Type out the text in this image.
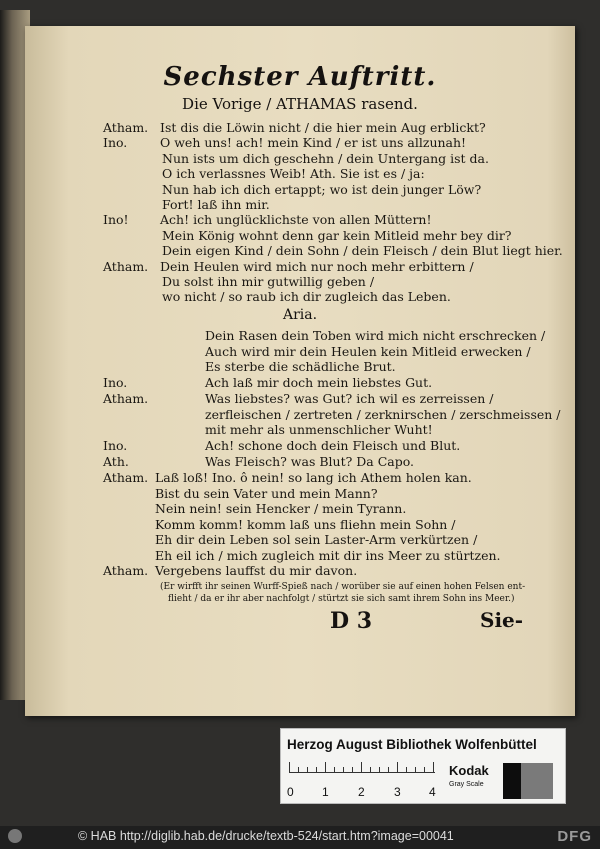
Sechster Auftritt.
Die Vorige / ATHAMAS rasend.
Atham. Ist dis die Löwin nicht / die hier mein Aug erblickt?
Ino.	O weh uns! ach! mein Kind / er ist uns allzunah!
Nun ists um dich geschehn / dein Untergang ist da.
O ich verlassnes Weib! Ath. Sie ist es / ja:
Nun hab ich dich ertappt; wo ist dein junger Löw?
Fort! laß ihn mir.
Ino!	Ach! ich unglücklichste von allen Müttern!
Mein König wohnt denn gar kein Mitleid mehr bey dir?
Dein eigen Kind / dein Sohn / dein Fleisch / dein Blut liegt hier.
Atham. Dein Heulen wird mich nur noch mehr erbittern /
Du solst ihn mir gutwillig geben /
wo nicht / so raub ich dir zugleich das Leben.
Aria.
Dein Rasen dein Toben wird mich nicht erschrecken /
Auch wird mir dein Heulen kein Mitleid erwecken /
Es sterbe die schädliche Brut.
Ino.	Ach laß mir doch mein liebstes Gut.
Atham.	Was liebstes? was Gut? ich wil es zerreissen /
zerfleischen / zertreten / zerknirschen / zerschmeissen /
mit mehr als unmenschlicher Wuht!
Ino.	Ach! schone doch dein Fleisch und Blut.
Ath.	Was Fleisch? was Blut? Da Capo.
Atham. Laß loß! Ino. ô nein! so lang ich Athem holen kan.
Bist du sein Vater und mein Mann?
Nein nein! sein Hencker / mein Tyrann.
Komm komm! komm laß uns fliehn mein Sohn /
Eh dir dein Leben sol sein Laster-Arm verkürtzen /
Eh eil ich / mich zugleich mit dir ins Meer zu stürtzen.
Atham. Vergebens lauffst du mir davon.
(Er wirfft ihr seinen Wurff-Spieß nach / worüber sie auf einen hohen Felsen ent-
flieht / da er ihr aber nachfolgt / stürtzt sie sich samt ihrem Sohn ins Meer.)
D 3	Sie-
Herzog August Bibliothek Wolfenbüttel
0 1 2 3 4
Kodak
Gray Scale
© HAB http://diglib.hab.de/drucke/textb-524/start.htm?image=00041	DFG
